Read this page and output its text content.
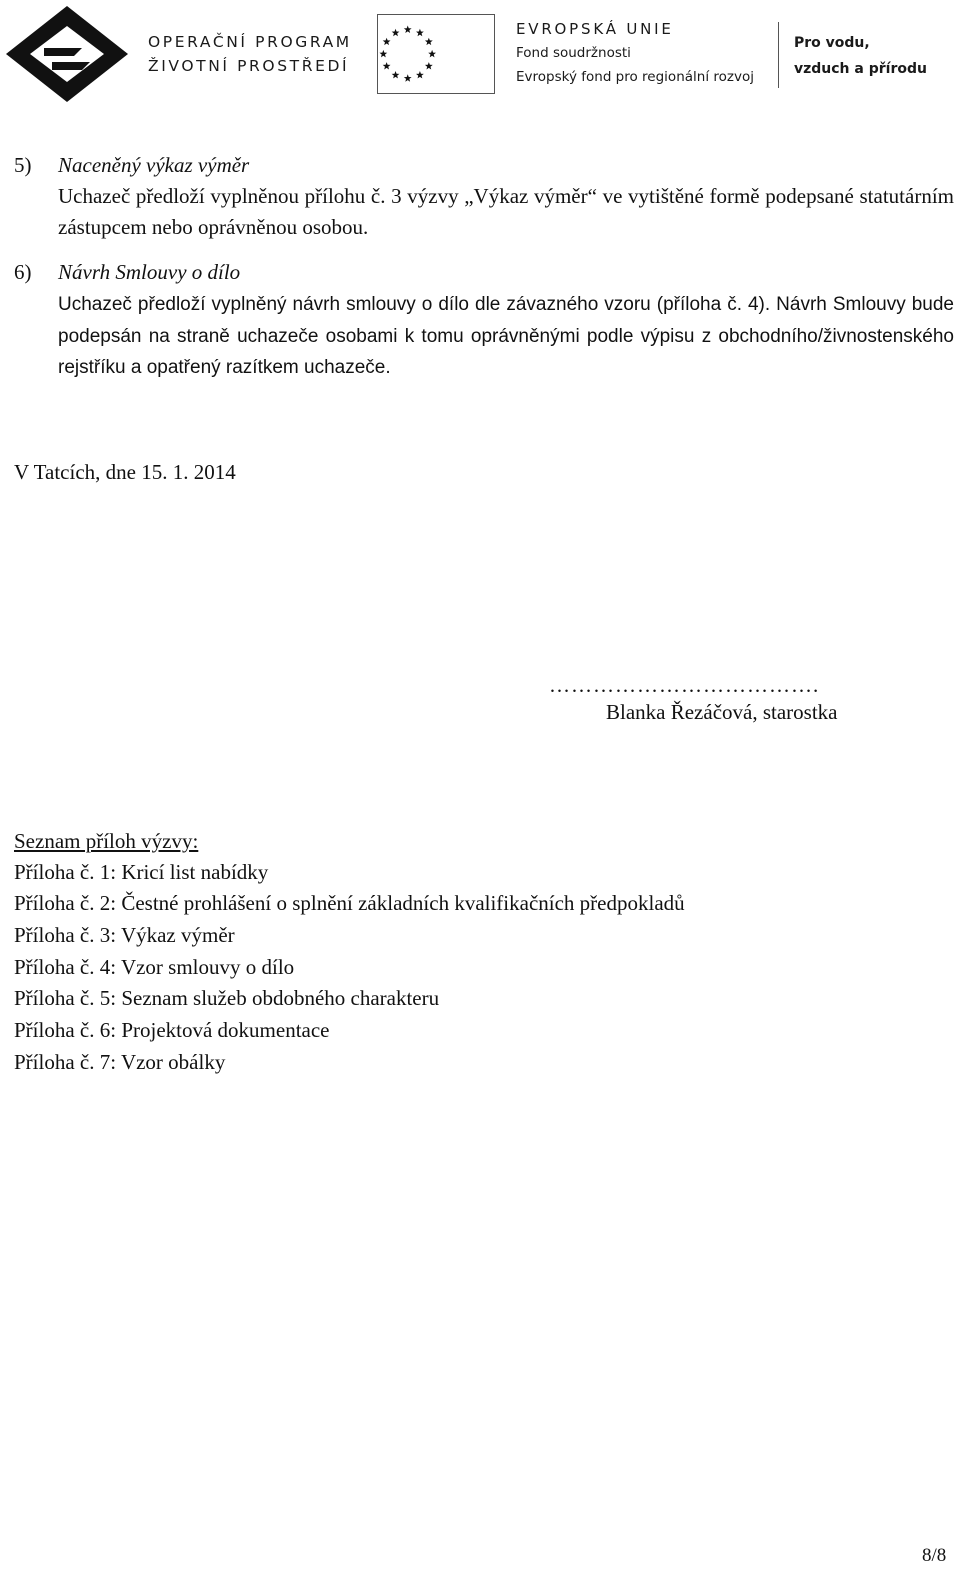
OPERAČNÍ PROGRAM
ŽIVOTNÍ PROSTŘEDÍ
EVROPSKÁ UNIE
Fond soudržnosti
Evropský fond pro regionální rozvoj
Pro vodu,
vzduch a přírodu
5) Naceněný výkaz výměr
Uchazeč předloží vyplněnou přílohu č. 3 výzvy „Výkaz výměr“ ve vytištěné formě podepsané statutárním zástupcem nebo oprávněnou osobou.
6) Návrh Smlouvy o dílo
Uchazeč předloží vyplněný návrh smlouvy o dílo dle závazného vzoru (příloha č. 4). Návrh Smlouvy bude podepsán na straně uchazeče osobami k tomu oprávněnými podle výpisu z obchodního/živnostenského rejstříku a opatřený razítkem uchazeče.
V Tatcích, dne 15. 1. 2014
……………………………….
Blanka Řezáčová, starostka
Seznam příloh výzvy:
Příloha č. 1: Kricí list nabídky
Příloha č. 2: Čestné prohlášení o splnění základních kvalifikačních předpokladů
Příloha č. 3: Výkaz výměr
Příloha č. 4: Vzor smlouvy o dílo
Příloha č. 5: Seznam služeb obdobného charakteru
Příloha č. 6: Projektová dokumentace
Příloha č. 7: Vzor obálky
8/8
